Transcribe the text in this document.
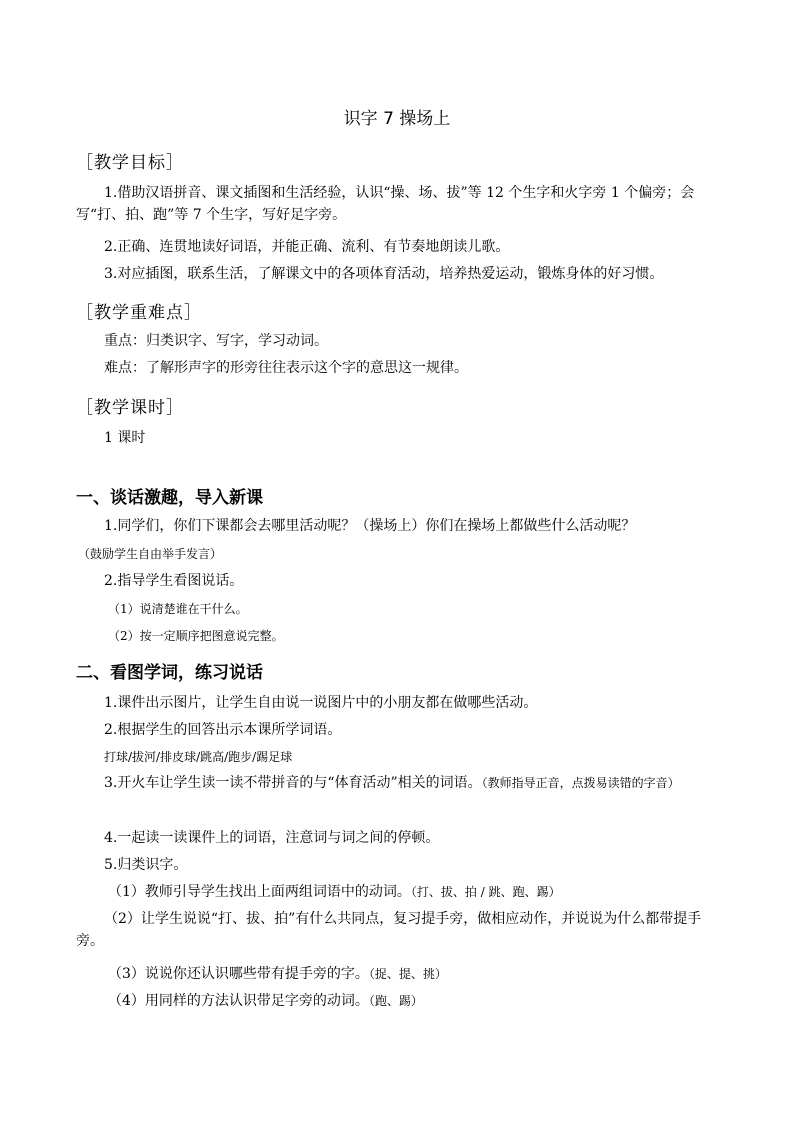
识字 7 操场上
［教学目标］
1.借助汉语拼音、课文插图和生活经验，认识“操、场、拔”等 12 个生字和火字旁 1 个偏旁；会写“打、拍、跑”等 7 个生字，写好足字旁。
2.正确、连贯地读好词语，并能正确、流利、有节奏地朗读儿歌。
3.对应插图，联系生活，了解课文中的各项体育活动，培养热爱运动，锻炼身体的好习惯。
［教学重难点］
重点：归类识字、写字，学习动词。
难点：了解形声字的形旁往往表示这个字的意思这一规律。
［教学课时］
1 课时
一、谈话激趣，导入新课
1.同学们，你们下课都会去哪里活动呢？（操场上）你们在操场上都做些什么活动呢？
（鼓励学生自由举手发言）
2.指导学生看图说话。
（1）说清楚谁在干什么。
（2）按一定顺序把图意说完整。
二、看图学词，练习说话
1.课件出示图片，让学生自由说一说图片中的小朋友都在做哪些活动。
2.根据学生的回答出示本课所学词语。
打球/拔河/排皮球/跳高/跑步/踢足球
3.开火车让学生读一读不带拼音的与“体育活动”相关的词语。（教师指导正音，点拨易读错的字音）
4.一起读一读课件上的词语，注意词与词之间的停顿。
5.归类识字。
（1）教师引导学生找出上面两组词语中的动词。（打、拔、拍 / 跳、跑、踢）
（2）让学生说说“打、拔、拍”有什么共同点，复习提手旁，做相应动作，并说说为什么都带提手旁。
（3）说说你还认识哪些带有提手旁的字。（捉、提、挑）
（4）用同样的方法认识带足字旁的动词。（跑、踢）
